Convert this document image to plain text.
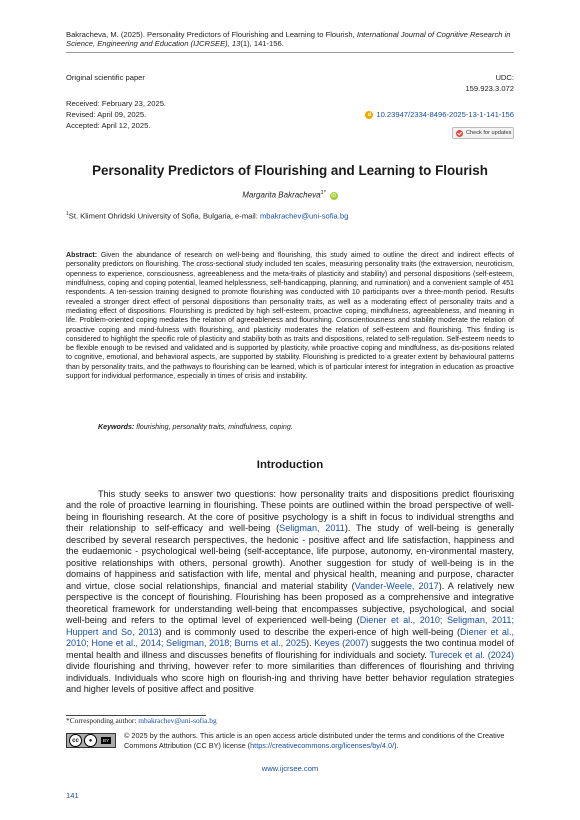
Bakracheva, M. (2025). Personality Predictors of Flourishing and Learning to Flourish, International Journal of Cognitive Research in Science, Engineering and Education (IJCRSEE), 13(1), 141-156.
Original scientific paper	UDC:
159.923.3.072
Received: February 23, 2025.
Revised: April 09, 2025.
Accepted: April 12, 2025.
d 10.23947/2334-8496-2025-13-1-141-156
Check for updates
Personality Predictors of Flourishing and Learning to Flourish
Margarita Bakracheva$^{1*}$ iD
$^1$St. Kliment Ohridski University of Sofia, Bulgaria, e-mail: mbakrachev@uni-sofia.bg
Abstract: Given the abundance of research on well-being and flourishing, this study aimed to outline the direct and indirect effects of personality predictors on flourishing. The cross-sectional study included ten scales, measuring personality traits (the extraversion, neuroticism, openness to experience, consciousness, agreeableness and the meta-traits of plasticity and stability) and personal dispositions (self-esteem, mindfulness, coping and coping potential, learned helplessness, self-handicapping, planning, and rumination) and a convenient sample of 451 respondents. A ten-session training designed to promote flourishing was conducted with 10 participants over a three-month period. Results revealed a stronger direct effect of personal dispositions than personality traits, as well as a moderating effect of personality traits and a mediating effect of dispositions. Flourishing is predicted by high self-esteem, proactive coping, mindfulness, agreeableness, and meaning in life. Problem-oriented coping mediates the relation of agreeableness and flourishing. Conscientiousness and stability moderate the relation of proactive coping and mind-fulness with flourishing, and plasticity moderates the relation of self-esteem and flourishing. This finding is considered to highlight the specific role of plasticity and stability both as traits and dispositions, related to self-regulation. Self-esteem needs to be flexible enough to be revised and validated and is supported by plasticity, while proactive coping and mindfulness, as dis-positions related to cognitive, emotional, and behavioral aspects, are supported by stability. Flourishing is predicted to a greater extent by behavioural patterns than by personality traits, and the pathways to flourishing can be learned, which is of particular interest for integration in education as proactive support for individual performance, especially in times of crisis and instability.
Keywords: flourishing, personality traits, mindfulness, coping.
Introduction

This study seeks to answer two questions: how personality traits and dispositions predict flourisxing and the role of proactive learning in flourishing. These points are outlined within the broad perspective of well-being in flourishing research. At the core of positive psychology is a shift in focus to individual strengths and their relationship to self-efficacy and well-being (Seligman, 2011). The study of well-being is generally described by several research perspectives, the hedonic - positive affect and life satisfaction, happiness and the eudaemonic - psychological well-being (self-acceptance, life purpose, autonomy, en-vironmental mastery, positive relationships with others, personal growth). Another suggestion for study of well-being is in the domains of happiness and satisfaction with life, mental and physical health, meaning and purpose, character and virtue, close social relationships, financial and material stability (Vander-Weele, 2017). A relatively new perspective is the concept of flourishing. Flourishing has been proposed as a comprehensive and integrative theoretical framework for understanding well-being that encompasses subjective, psychological, and social well-being and refers to the optimal level of experienced well-being (Diener et al., 2010; Seligman, 2011; Huppert and So, 2013) and is commonly used to describe the experi-ence of high well-being (Diener et al., 2010; Hone et al., 2014; Seligman, 2018; Burns et al., 2025). Keyes (2007) suggests the two continua model of mental health and illness and discusses benefits of flourishing for individuals and society. Turecek et al. (2024) divide flourishing and thriving, however refer to more similarities than differences of flourishing and thriving individuals. Individuals who score high on flourish-ing and thriving have better behavior regulation strategies and higher levels of positive affect and positive

*Corresponding author: mbakrachev@uni-sofia.bg
cc	●	BY
© 2025 by the authors. This article is an open access article distributed under the terms and conditions of the Creative Commons Attribution (CC BY) license (https://creativecommons.org/licenses/by/4.0/).
www.ijcrsee.com
141
